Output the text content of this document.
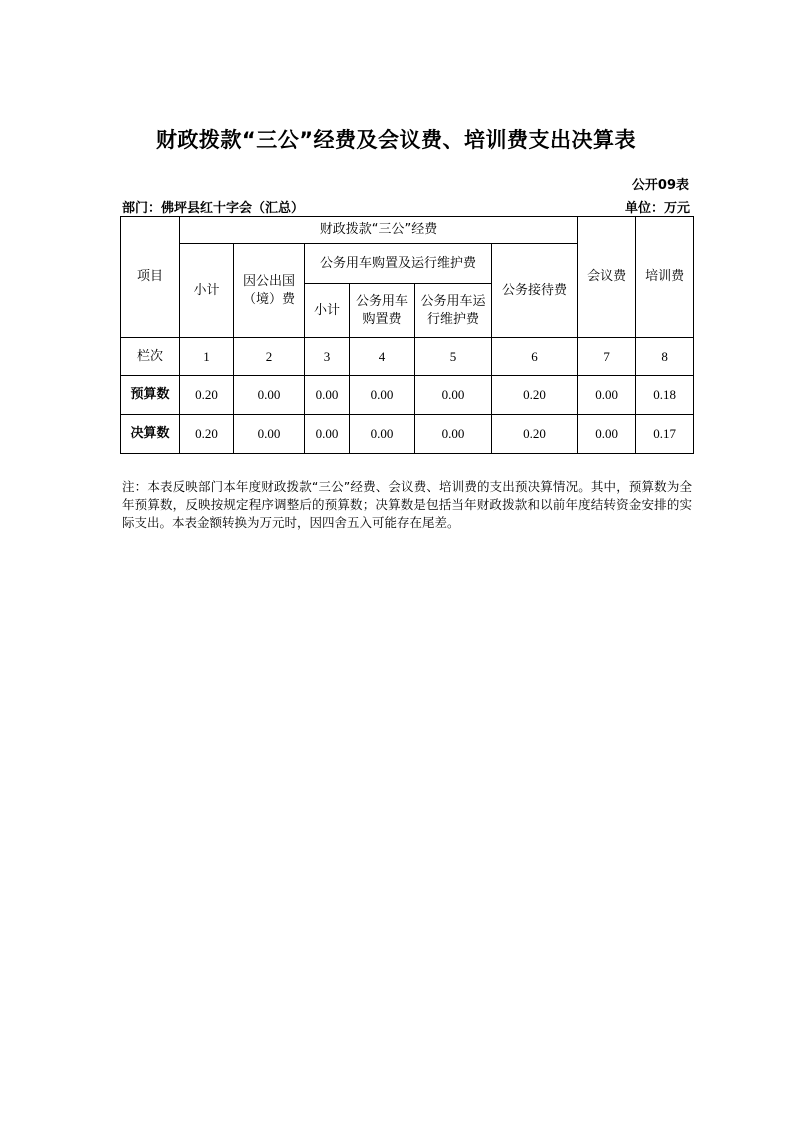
财政拨款“三公”经费及会议费、培训费支出决算表
公开09表
部门：佛坪县红十字会（汇总）	单位：万元
项目	财政拨款“三公”经费						会议费	培训费
	小计	因公出国（境）费	公务用车购置及运行维护费			公务接待费		
			小计	公务用车购置费	公务用车运行维护费			
栏次	1	2	3	4	5	6	7	8
预算数	0.20	0.00	0.00	0.00	0.00	0.20	0.00	0.18
决算数	0.20	0.00	0.00	0.00	0.00	0.20	0.00	0.17
注：本表反映部门本年度财政拨款“三公”经费、会议费、培训费的支出预决算情况。其中，预算数为全年预算数，反映按规定程序调整后的预算数；决算数是包括当年财政拨款和以前年度结转资金安排的实际支出。本表金额转换为万元时，因四舍五入可能存在尾差。
